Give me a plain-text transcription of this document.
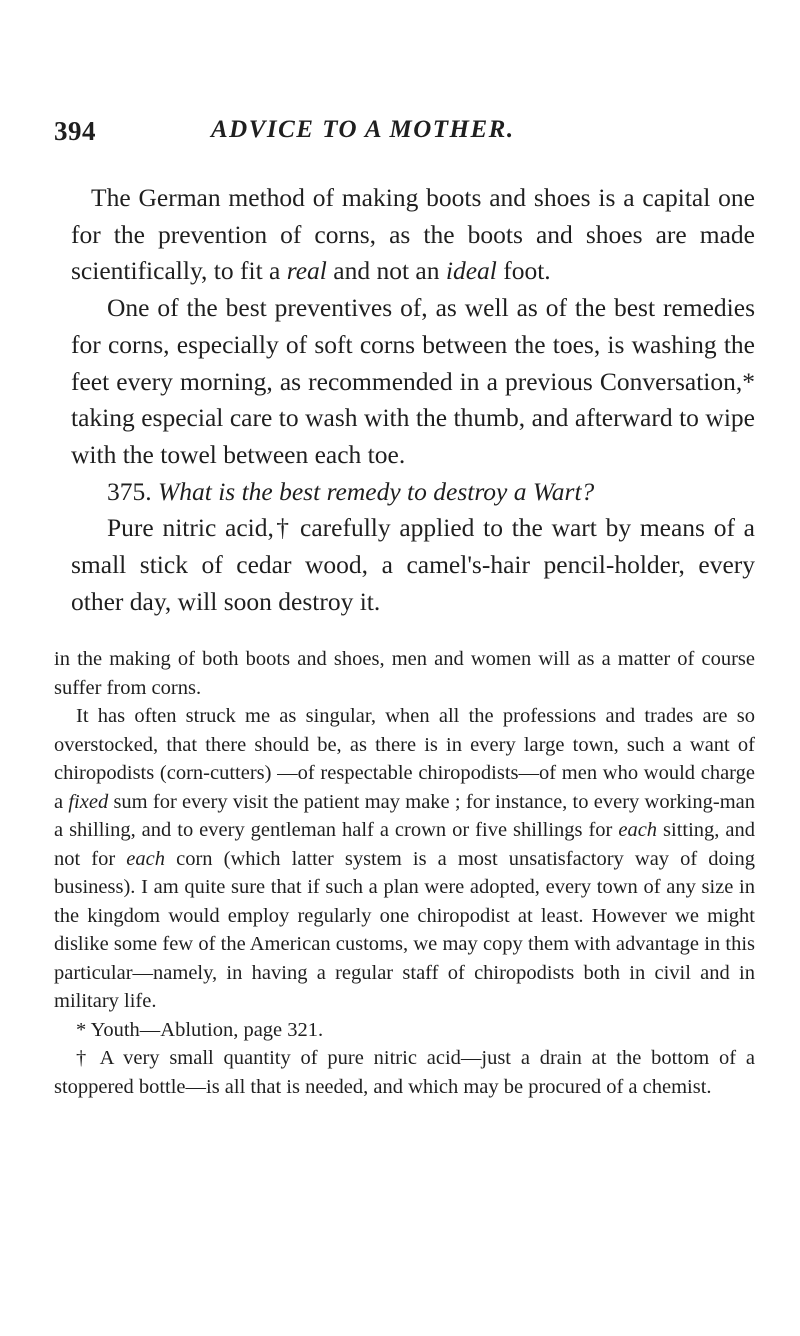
394	ADVICE TO A MOTHER.

The German method of making boots and shoes is a capital one for the prevention of corns, as the boots and shoes are made scientifically, to fit a real and not an ideal foot.

One of the best preventives of, as well as of the best remedies for corns, especially of soft corns between the toes, is washing the feet every morning, as recommended in a previous Conversation,* taking especial care to wash with the thumb, and afterward to wipe with the towel between each toe.

375. What is the best remedy to destroy a Wart?

Pure nitric acid,† carefully applied to the wart by means of a small stick of cedar wood, a camel's-hair pencil-holder, every other day, will soon destroy it.

in the making of both boots and shoes, men and women will as a matter of course suffer from corns.

It has often struck me as singular, when all the professions and trades are so overstocked, that there should be, as there is in every large town, such a want of chiropodists (corn-cutters) —of respectable chiropodists—of men who would charge a fixed sum for every visit the patient may make ; for instance, to every working-man a shilling, and to every gentleman half a crown or five shillings for each sitting, and not for each corn (which latter system is a most unsatisfactory way of doing business). I am quite sure that if such a plan were adopted, every town of any size in the kingdom would employ regularly one chiropodist at least. However we might dislike some few of the American customs, we may copy them with advantage in this particular—namely, in having a regular staff of chiropodists both in civil and in military life.

* Youth—Ablution, page 321.

† A very small quantity of pure nitric acid—just a drain at the bottom of a stoppered bottle—is all that is needed, and which may be procured of a chemist.
